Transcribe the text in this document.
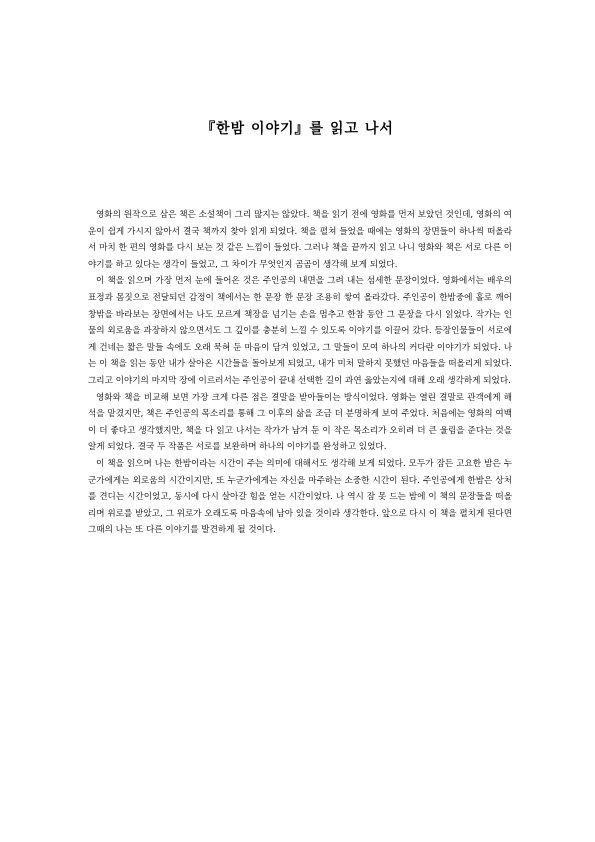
『한밤 이야기』를 읽고 나서

영화의 원작으로 삼은 책은 소설책이 그리 많지는 않았다. 책을 읽기 전에 영화를 먼저 보았던 것인데, 영화의 여운이 쉽게 가시지 않아서 결국 책까지 찾아 읽게 되었다. 책을 펼쳐 들었을 때에는 영화의 장면들이 하나씩 떠올라서 마치 한 편의 영화를 다시 보는 것 같은 느낌이 들었다. 그러나 책을 끝까지 읽고 나니 영화와 책은 서로 다른 이야기를 하고 있다는 생각이 들었고, 그 차이가 무엇인지 곰곰이 생각해 보게 되었다.

이 책을 읽으며 가장 먼저 눈에 들어온 것은 주인공의 내면을 그려 내는 섬세한 문장이었다. 영화에서는 배우의 표정과 몸짓으로 전달되던 감정이 책에서는 한 문장 한 문장 조용히 쌓여 올라갔다. 주인공이 한밤중에 홀로 깨어 창밖을 바라보는 장면에서는 나도 모르게 책장을 넘기는 손을 멈추고 한참 동안 그 문장을 다시 읽었다. 작가는 인물의 외로움을 과장하지 않으면서도 그 깊이를 충분히 느낄 수 있도록 이야기를 이끌어 갔다. 등장인물들이 서로에게 건네는 짧은 말들 속에도 오래 묵혀 둔 마음이 담겨 있었고, 그 말들이 모여 하나의 커다란 이야기가 되었다. 나는 이 책을 읽는 동안 내가 살아온 시간들을 돌아보게 되었고, 내가 미처 말하지 못했던 마음들을 떠올리게 되었다. 그리고 이야기의 마지막 장에 이르러서는 주인공이 끝내 선택한 길이 과연 옳았는지에 대해 오래 생각하게 되었다.

영화와 책을 비교해 보면 가장 크게 다른 점은 결말을 받아들이는 방식이었다. 영화는 열린 결말로 관객에게 해석을 맡겼지만, 책은 주인공의 목소리를 통해 그 이후의 삶을 조금 더 분명하게 보여 주었다. 처음에는 영화의 여백이 더 좋다고 생각했지만, 책을 다 읽고 나서는 작가가 남겨 둔 이 작은 목소리가 오히려 더 큰 울림을 준다는 것을 알게 되었다. 결국 두 작품은 서로를 보완하며 하나의 이야기를 완성하고 있었다.

이 책을 읽으며 나는 한밤이라는 시간이 주는 의미에 대해서도 생각해 보게 되었다. 모두가 잠든 고요한 밤은 누군가에게는 외로움의 시간이지만, 또 누군가에게는 자신을 마주하는 소중한 시간이 된다. 주인공에게 한밤은 상처를 견디는 시간이었고, 동시에 다시 살아갈 힘을 얻는 시간이었다. 나 역시 잠 못 드는 밤에 이 책의 문장들을 떠올리며 위로를 받았고, 그 위로가 오래도록 마음속에 남아 있을 것이라 생각한다. 앞으로 다시 이 책을 펼치게 된다면 그때의 나는 또 다른 이야기를 발견하게 될 것이다.
